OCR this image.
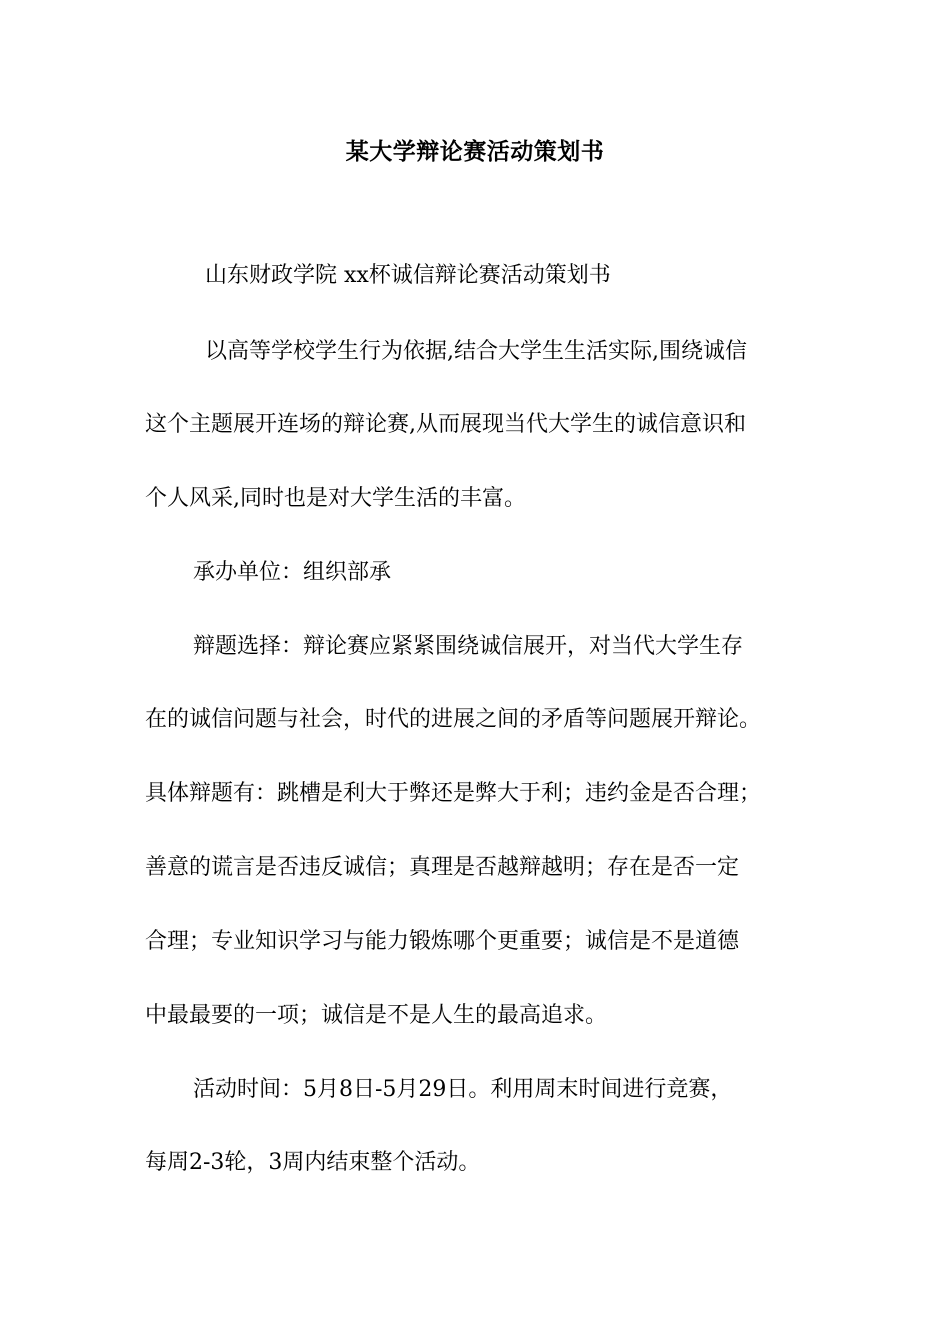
某大学辩论赛活动策划书
山东财政学院 xx杯诚信辩论赛活动策划书
以高等学校学生行为依据,结合大学生生活实际,围绕诚信
这个主题展开连场的辩论赛,从而展现当代大学生的诚信意识和
个人风采,同时也是对大学生活的丰富。
承办单位：组织部承
辩题选择：辩论赛应紧紧围绕诚信展开，对当代大学生存
在的诚信问题与社会，时代的进展之间的矛盾等问题展开辩论。
具体辩题有：跳槽是利大于弊还是弊大于利；违约金是否合理；
善意的谎言是否违反诚信；真理是否越辩越明；存在是否一定
合理；专业知识学习与能力锻炼哪个更重要；诚信是不是道德
中最最要的一项；诚信是不是人生的最高追求。
活动时间：5月8日-5月29日。利用周末时间进行竞赛，
每周2-3轮，3周内结束整个活动。
